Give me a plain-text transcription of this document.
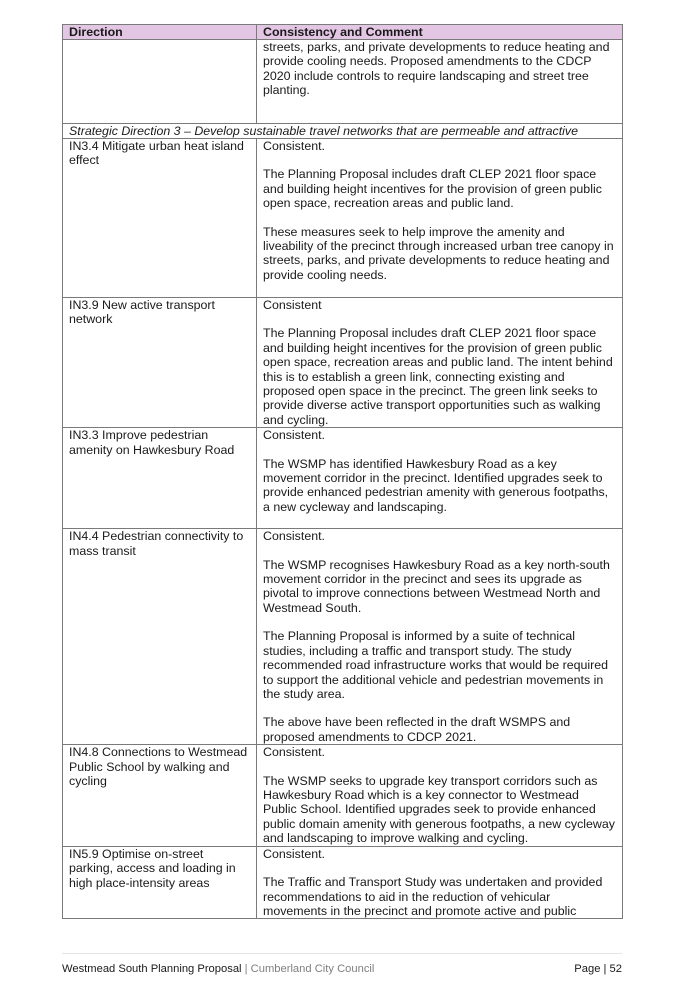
Direction	Consistency and Comment

	streets, parks, and private developments to reduce heating and provide cooling needs. Proposed amendments to the CDCP 2020 include controls to require landscaping and street tree planting.

Strategic Direction 3 – Develop sustainable travel networks that are permeable and attractive	
IN3.4 Mitigate urban heat island effect	Consistent.

The Planning Proposal includes draft CLEP 2021 floor space and building height incentives for the provision of green public open space, recreation areas and public land.

These measures seek to help improve the amenity and liveability of the precinct through increased urban tree canopy in streets, parks, and private developments to reduce heating and provide cooling needs.

IN3.9 New active transport network	Consistent

The Planning Proposal includes draft CLEP 2021 floor space and building height incentives for the provision of green public open space, recreation areas and public land. The intent behind this is to establish a green link, connecting existing and proposed open space in the precinct. The green link seeks to provide diverse active transport opportunities such as walking and cycling.

IN3.3 Improve pedestrian amenity on Hawkesbury Road	Consistent.

The WSMP has identified Hawkesbury Road as a key movement corridor in the precinct. Identified upgrades seek to provide enhanced pedestrian amenity with generous footpaths, a new cycleway and landscaping.

IN4.4 Pedestrian connectivity to mass transit	Consistent.

The WSMP recognises Hawkesbury Road as a key north-south movement corridor in the precinct and sees its upgrade as pivotal to improve connections between Westmead North and Westmead South.

The Planning Proposal is informed by a suite of technical studies, including a traffic and transport study. The study recommended road infrastructure works that would be required to support the additional vehicle and pedestrian movements in the study area.

The above have been reflected in the draft WSMPS and proposed amendments to CDCP 2021.

IN4.8 Connections to Westmead Public School by walking and cycling	Consistent.

The WSMP seeks to upgrade key transport corridors such as Hawkesbury Road which is a key connector to Westmead Public School. Identified upgrades seek to provide enhanced public domain amenity with generous footpaths, a new cycleway and landscaping to improve walking and cycling.

IN5.9 Optimise on-street parking, access and loading in high place-intensity areas	Consistent.

The Traffic and Transport Study was undertaken and provided recommendations to aid in the reduction of vehicular movements in the precinct and promote active and public

Westmead South Planning Proposal | Cumberland City Council	Page | 52
